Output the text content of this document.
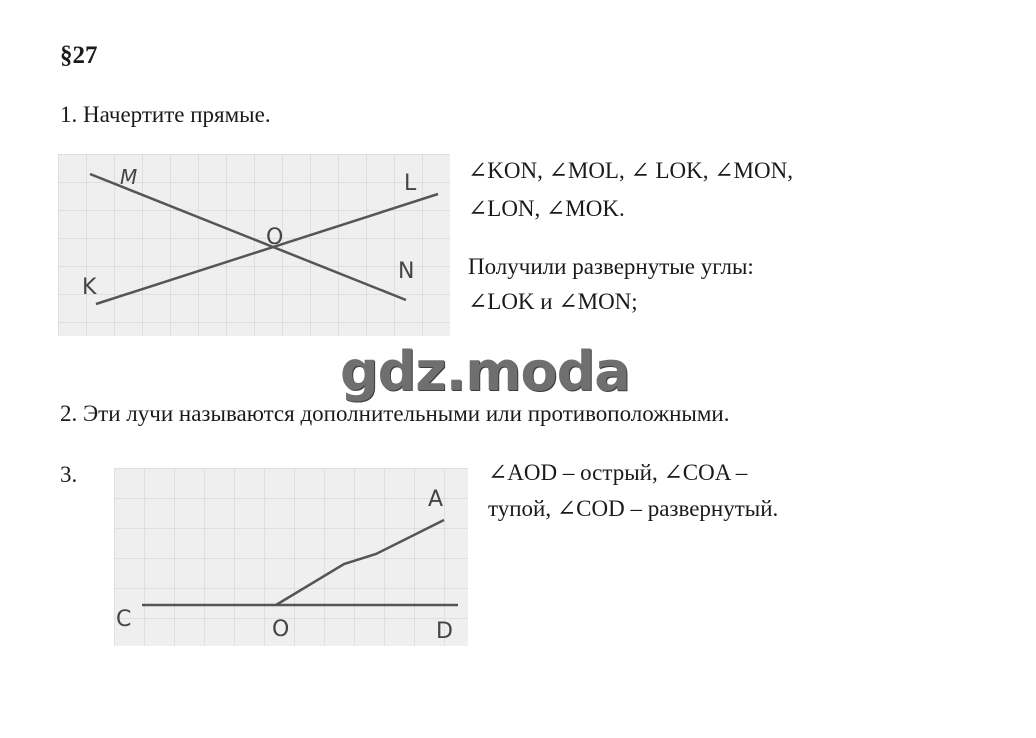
§27
1. Начертите прямые.
M	L
O
K
N
∠KON, ∠MOL, ∠ LOK, ∠MON,
∠LON, ∠MOK.
Получили развернутые углы:
∠LOK и ∠MON;
gdz.moda
2. Эти лучи называются дополнительными или противоположными.
3.
A
C	O	D
∠AOD – острый, ∠COA –
тупой, ∠COD – развернутый.
